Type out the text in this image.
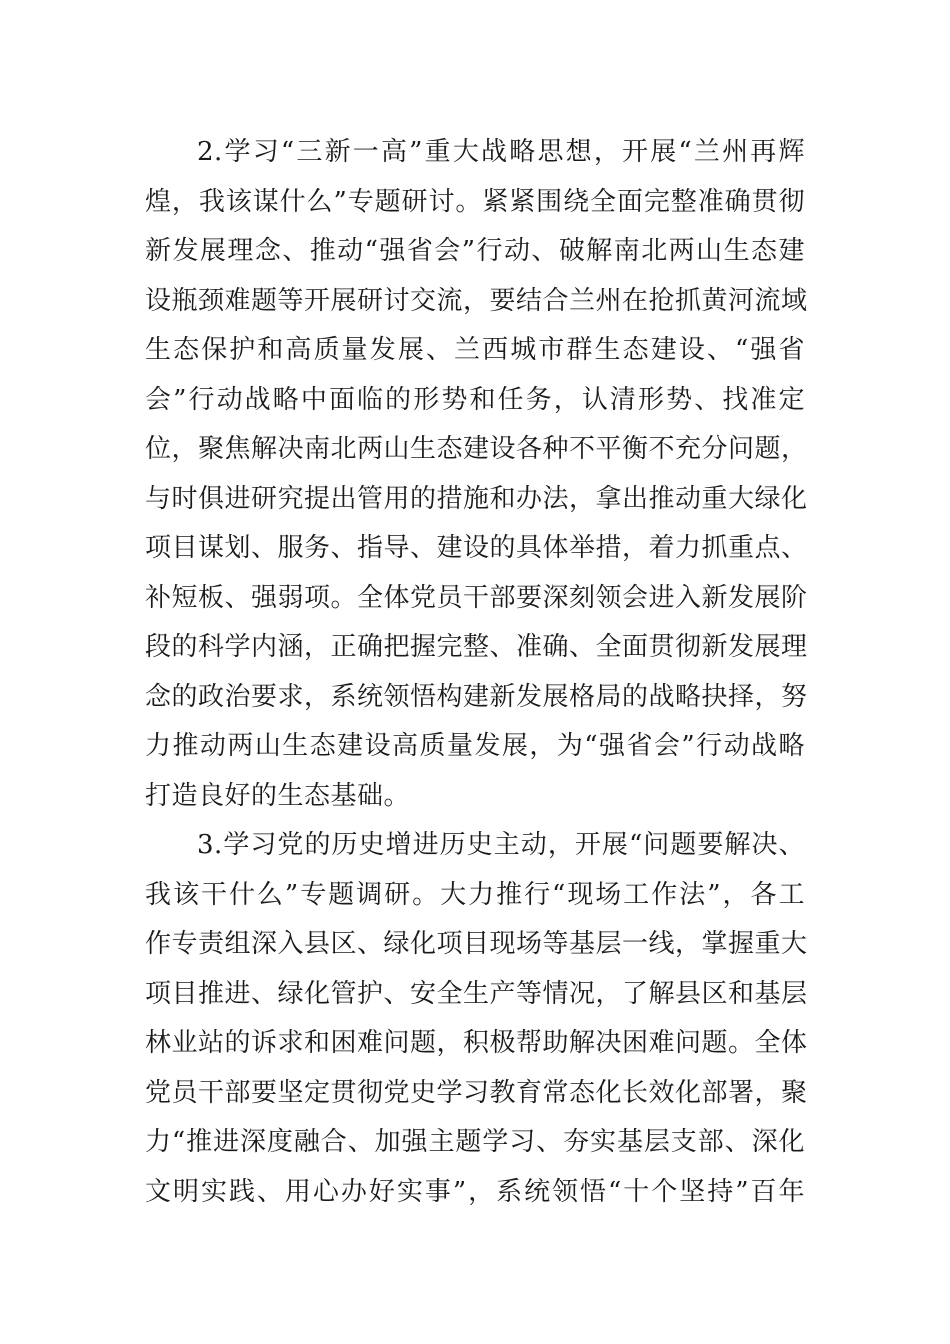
2.学习“三新一高”重大战略思想，开展“兰州再辉
煌，我该谋什么”专题研讨。紧紧围绕全面完整准确贯彻
新发展理念、推动“强省会”行动、破解南北两山生态建
设瓶颈难题等开展研讨交流，要结合兰州在抢抓黄河流域
生态保护和高质量发展、兰西城市群生态建设、“强省
会”行动战略中面临的形势和任务，认清形势、找准定
位，聚焦解决南北两山生态建设各种不平衡不充分问题，
与时俱进研究提出管用的措施和办法，拿出推动重大绿化
项目谋划、服务、指导、建设的具体举措，着力抓重点、
补短板、强弱项。全体党员干部要深刻领会进入新发展阶
段的科学内涵，正确把握完整、准确、全面贯彻新发展理
念的政治要求，系统领悟构建新发展格局的战略抉择，努
力推动两山生态建设高质量发展，为“强省会”行动战略
打造良好的生态基础。
3.学习党的历史增进历史主动，开展“问题要解决、
我该干什么”专题调研。大力推行“现场工作法”，各工
作专责组深入县区、绿化项目现场等基层一线，掌握重大
项目推进、绿化管护、安全生产等情况，了解县区和基层
林业站的诉求和困难问题，积极帮助解决困难问题。全体
党员干部要坚定贯彻党史学习教育常态化长效化部署，聚
力“推进深度融合、加强主题学习、夯实基层支部、深化
文明实践、用心办好实事”，系统领悟“十个坚持”百年
